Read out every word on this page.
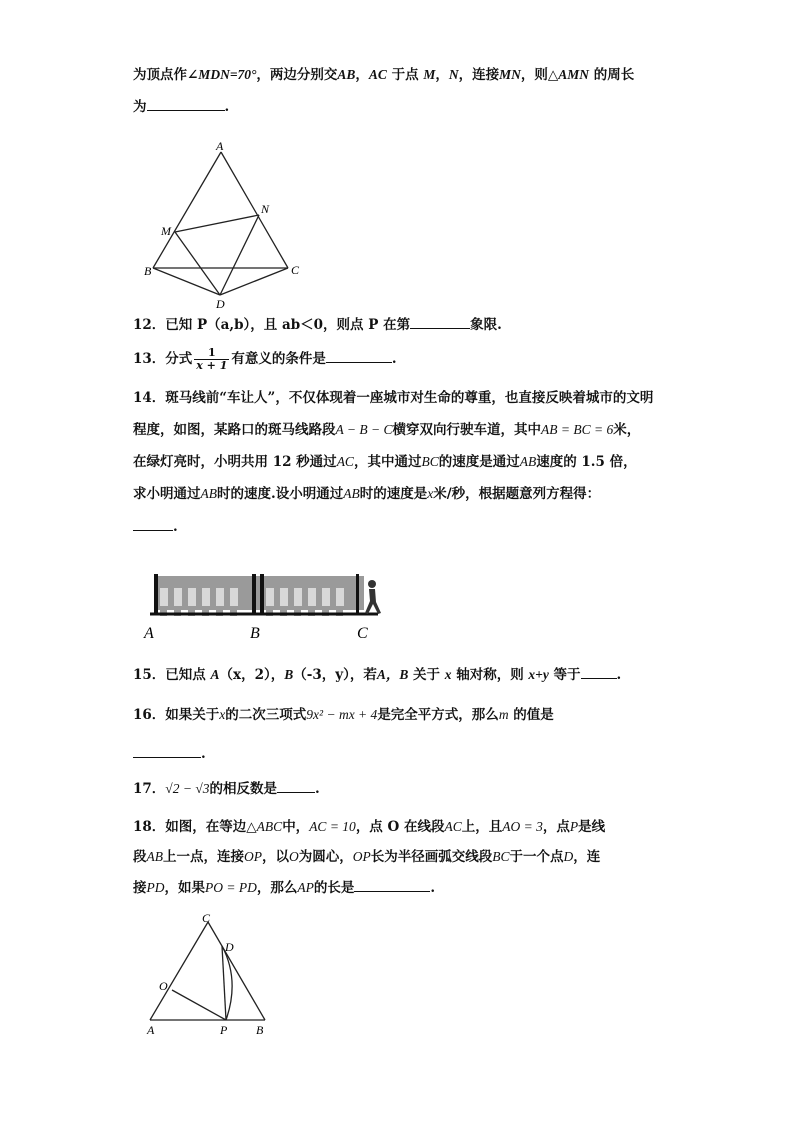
为顶点作∠MDN=70°，两边分别交AB，AC 于点 M，N，连接MN，则△AMN 的周长
为	.
A
N
M
B	C
D
12．已知 P（a,b），且 ab＜0，则点 P 在第	象限.
13．分式 $\frac{1}{x + 1}$ 有意义的条件是	.
14．斑马线前“车让人”，不仅体现着一座城市对生命的尊重，也直接反映着城市的文明
程度，如图，某路口的斑马线路段A − B − C横穿双向行驶车道，其中AB = BC = 6米，
在绿灯亮时，小明共用 12 秒通过AC，其中通过BC的速度是通过AB速度的 1.5 倍，
求小明通过AB时的速度.设小明通过AB时的速度是x米/秒，根据题意列方程得：
.
A	B	C
15．已知点 A（x，2），B（-3，y），若A，B 关于 x 轴对称，则 x+y 等于	.
16．如果关于x的二次三项式9x² − mx + 4是完全平方式，那么m 的值是
.
17．√2 − √3的相反数是	.
18．如图，在等边△ABC中，AC = 10，点 O 在线段AC上，且AO = 3，点P是线
段AB上一点，连接OP，以O为圆心，OP长为半径画弧交线段BC于一个点D，连
接PD，如果PO = PD，那么AP的长是	.
C
D
O
A	P B
